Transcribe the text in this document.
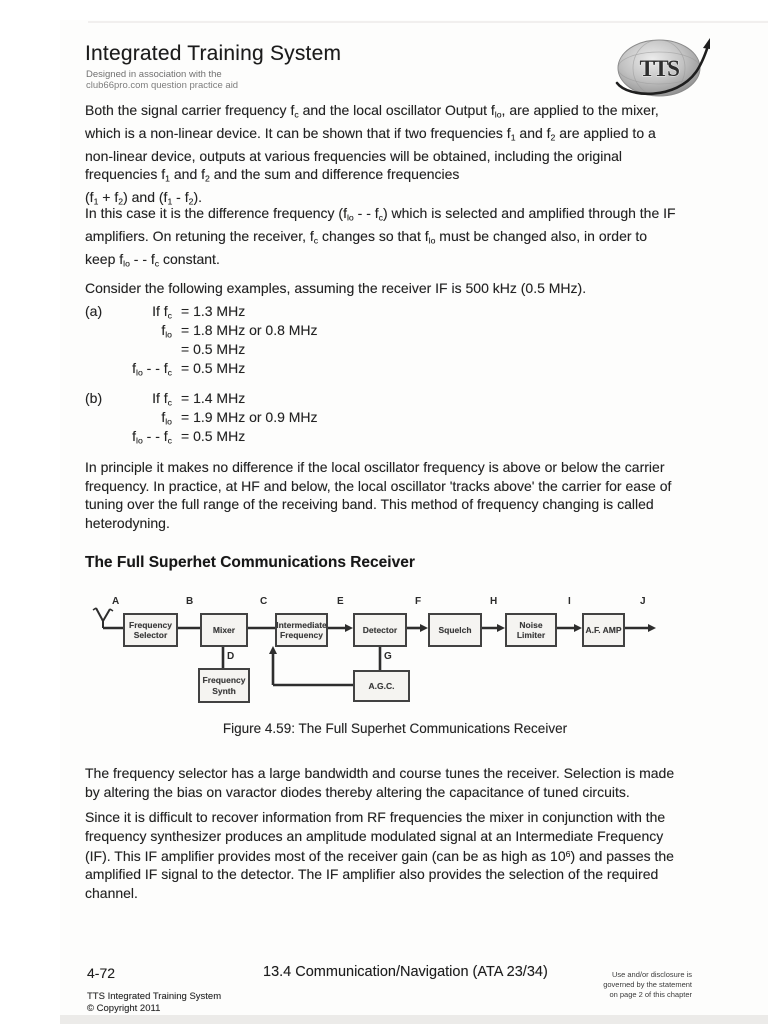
Integrated Training System
Designed in association with the
club66pro.com question practice aid
TTS

Both the signal carrier frequency $f_c$ and the local oscillator Output $f_{lo}$, are applied to the mixer,
which is a non-linear device. It can be shown that if two frequencies $f_1$ and $f_2$ are applied to a
non-linear device, outputs at various frequencies will be obtained, including the original
frequencies $f_1$ and $f_2$ and the sum and difference frequencies
$(f_1 + f_2)$ and $(f_1 - f_2)$.

In this case it is the difference frequency ($f_{lo}$ - - $f_c$) which is selected and amplified through the IF
amplifiers. On retuning the receiver, $f_c$ changes so that $f_{lo}$ must be changed also, in order to
keep $f_{lo}$ - - $f_c$ constant.

Consider the following examples, assuming the receiver IF is 500 kHz (0.5 MHz).

(a)	If $f_c = 1.3$ MHz
$f_{lo} = 1.8$ MHz or 0.8 MHz
= 0.5 MHz
$f_{lo}$ - - $f_c = 0.5$ MHz
(b)	If $f_c = 1.4$ MHz
$f_{lo} = 1.9$ MHz or 0.9 MHz
$f_{lo}$ - - $f_c = 0.5$ MHz

In principle it makes no difference if the local oscillator frequency is above or below the carrier
frequency. In practice, at HF and below, the local oscillator 'tracks above' the carrier for ease of
tuning over the full range of the receiving band. This method of frequency changing is called
heterodyning.

The Full Superhet Communications Receiver
A	B	C
D
E	F
G
H	I	J
Frequency Selector
Mixer	Intermediate Frequency
Detector	Squelch	Noise Limiter
A.F. AMP
Frequency Synth	A.G.C.
Figure 4.59: The Full Superhet Communications Receiver

The frequency selector has a large bandwidth and course tunes the receiver. Selection is made
by altering the bias on varactor diodes thereby altering the capacitance of tuned circuits.

Since it is difficult to recover information from RF frequencies the mixer in conjunction with the
frequency synthesizer produces an amplitude modulated signal at an Intermediate Frequency
(IF). This IF amplifier provides most of the receiver gain (can be as high as $10^6$) and passes the
amplified IF signal to the detector. The IF amplifier also provides the selection of the required
channel.

4-72	13.4 Communication/Navigation (ATA 23/34)	Use and/or disclosure is
governed by the statement
on page 2 of this chapter
TTS Integrated Training System
© Copyright 2011
